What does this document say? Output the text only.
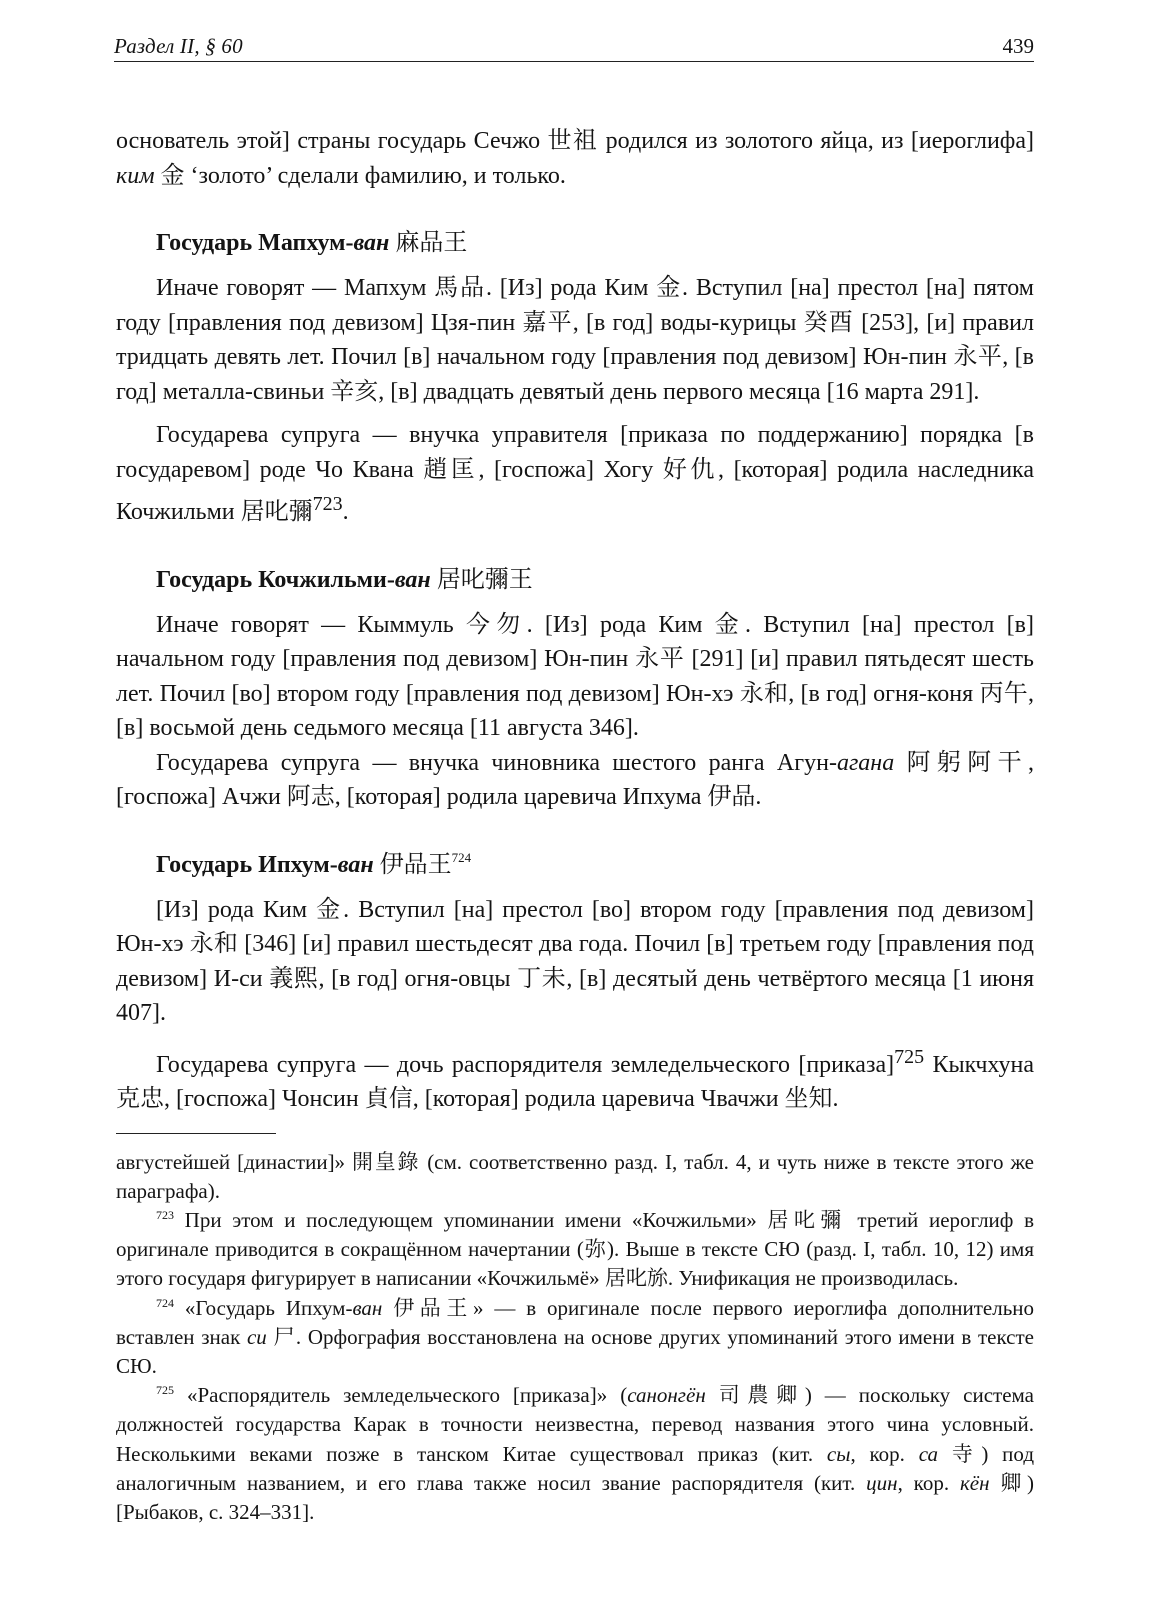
Раздел II, § 60	439

основатель этой] страны государь Сечжо 世祖 родился из золотого яйца, из [иероглифа] ким 金 ‘золото’ сделали фамилию, и только.

Государь Мапхум-ван 麻品王

Иначе говорят — Мапхум 馬品. [Из] рода Ким 金. Вступил [на] престол [на] пятом году [правления под девизом] Цзя-пин 嘉平, [в год] воды-курицы 癸酉 [253], [и] правил тридцать девять лет. Почил [в] начальном году [правления под девизом] Юн-пин 永平, [в год] металла-свиньи 辛亥, [в] двадцать девятый день первого месяца [16 марта 291].

Государева супруга — внучка управителя [приказа по поддержанию] порядка [в государевом] роде Чо Квана 趙匡, [госпожа] Хогу 好仇, [которая] родила наследника Кочжильми 居叱彌$^{723}$.

Государь Кочжильми-ван 居叱彌王

Иначе говорят — Кыммуль 今勿. [Из] рода Ким 金. Вступил [на] престол [в] начальном году [правления под девизом] Юн-пин 永平 [291] [и] правил пятьдесят шесть лет. Почил [во] втором году [правления под девизом] Юн-хэ 永和, [в год] огня-коня 丙午, [в] восьмой день седьмого месяца [11 августа 346].

Государева супруга — внучка чиновника шестого ранга Агун-агана 阿躬阿干, [госпожа] Ачжи 阿志, [которая] родила царевича Ипхума 伊品.

Государь Ипхум-ван 伊品王$^{724}$

[Из] рода Ким 金. Вступил [на] престол [во] втором году [правления под девизом] Юн-хэ 永和 [346] [и] правил шестьдесят два года. Почил [в] третьем году [правления под девизом] И-си 義熙, [в год] огня-овцы 丁未, [в] десятый день четвёртого месяца [1 июня 407].

Государева супруга — дочь распорядителя земледельческого [приказа]$^{725}$ Кыкчхуна 克忠, [госпожа] Чонсин 貞信, [которая] родила царевича Чвачжи 坐知.

августейшей [династии]» 開皇錄 (см. соответственно разд. I, табл. 4, и чуть ниже в тексте этого же параграфа).

$^{723}$ При этом и последующем упоминании имени «Кочжильми» 居叱彌 третий иероглиф в оригинале приводится в сокращённом начертании (弥). Выше в тексте СЮ (разд. I, табл. 10, 12) имя этого государя фигурирует в написании «Кочжильмё» 居叱旀. Унификация не производилась.

$^{724}$ «Государь Ипхум-ван 伊品王» — в оригинале после первого иероглифа дополнительно вставлен знак си 尸. Орфография восстановлена на основе других упоминаний этого имени в тексте СЮ.

$^{725}$ «Распорядитель земледельческого [приказа]» (санонгён 司農卿) — поскольку система должностей государства Карак в точности неизвестна, перевод названия этого чина условный. Несколькими веками позже в танском Китае существовал приказ (кит. сы, кор. са 寺) под аналогичным названием, и его глава также носил звание распорядителя (кит. цин, кор. кён 卿) [Рыбаков, с. 324–331].
